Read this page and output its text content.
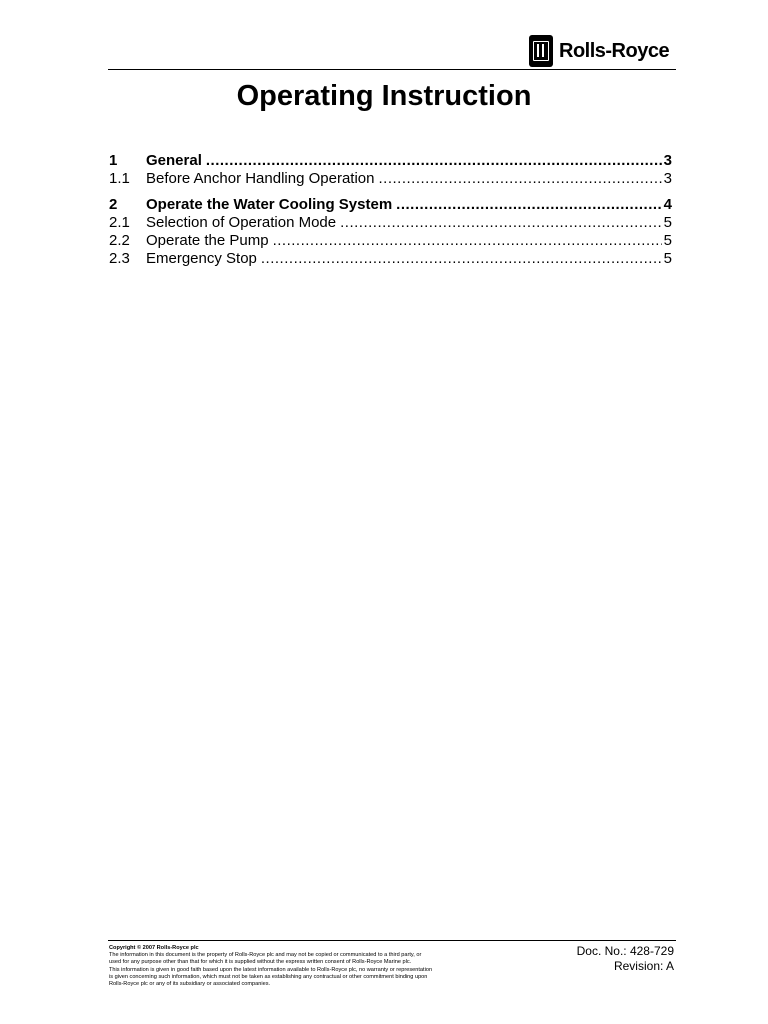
Rolls-Royce
Operating Instruction
1	General .....	3
1.1	Before Anchor Handling Operation .....	3
2	Operate the Water Cooling System .....	4
2.1	Selection of Operation Mode .....	5
2.2	Operate the Pump .....	5
2.3	Emergency Stop .....	5
Copyright © 2007 Rolls-Royce plc
The information in this document is the property of Rolls-Royce plc and may not be copied or communicated to a third party, or
used for any purpose other than that for which it is supplied without the express written consent of Rolls-Royce Marine plc.
This information is given in good faith based upon the latest information available to Rolls-Royce plc, no warranty or representation
is given concerning such information, which must not be taken as establishing any contractual or other commitment binding upon
Rolls-Royce plc or any of its subsidiary or associated companies.
Doc. No.: 428-729
Revision: A
